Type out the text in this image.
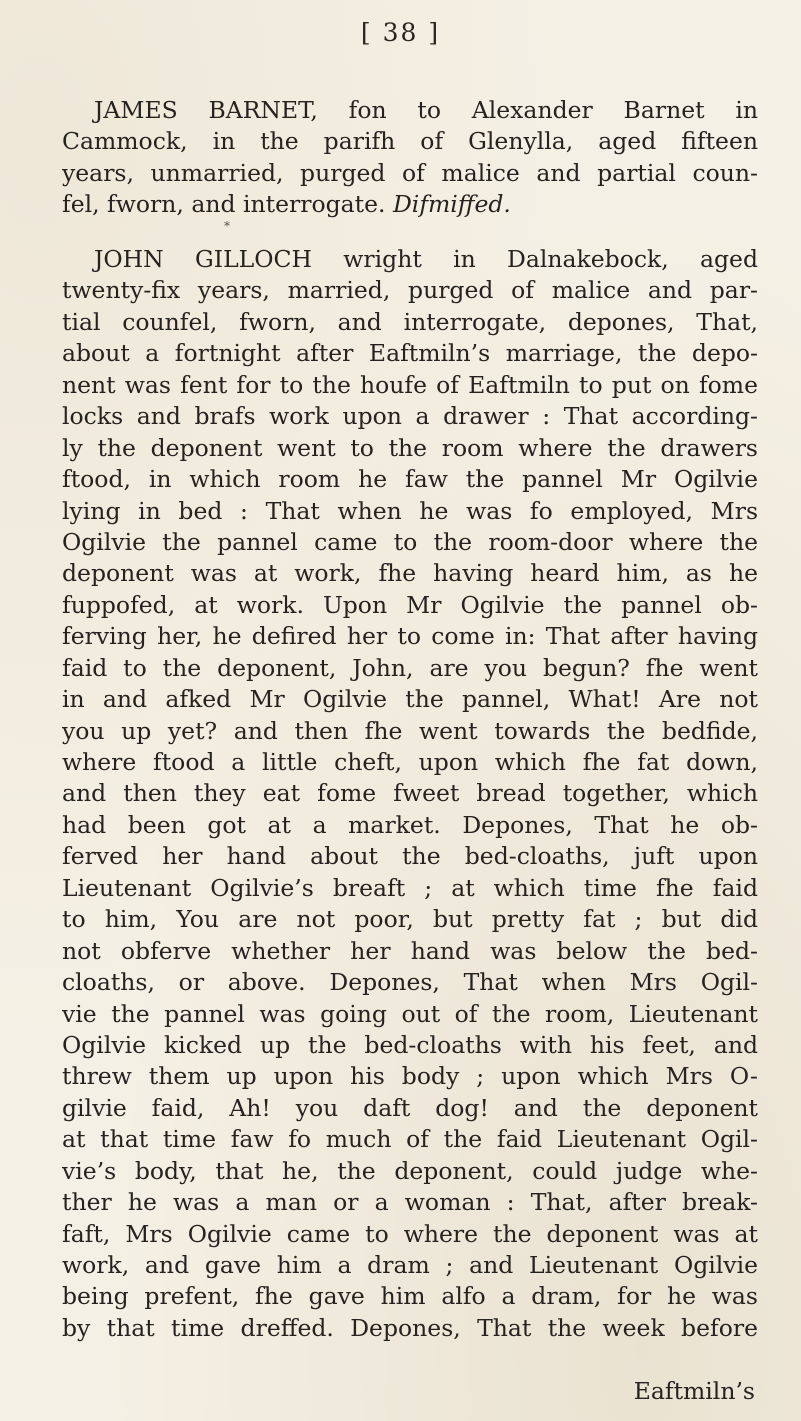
[ 38 ]
JAMES BARNET, fon to Alexander Barnet in
Cammock, in the parifh of Glenylla, aged fifteen
years, unmarried, purged of malice and partial coun-
fel, fworn, and interrogate. Difmiffed.
*
JOHN GILLOCH wright in Dalnakebock, aged
twenty-fix years, married, purged of malice and par-
tial counfel, fworn, and interrogate, depones, That,
about a fortnight after Eaftmiln’s marriage, the depo-
nent was fent for to the houfe of Eaftmiln to put on fome
locks and brafs work upon a drawer : That according-
ly the deponent went to the room where the drawers
ftood, in which room he faw the pannel Mr Ogilvie
lying in bed : That when he was fo employed, Mrs
Ogilvie the pannel came to the room-door where the
deponent was at work, fhe having heard him, as he
fuppofed, at work. Upon Mr Ogilvie the pannel ob-
ferving her, he defired her to come in: That after having
faid to the deponent, John, are you begun? fhe went
in and afked Mr Ogilvie the pannel, What! Are not
you up yet? and then fhe went towards the bedfide,
where ftood a little cheft, upon which fhe fat down,
and then they eat fome fweet bread together, which
had been got at a market. Depones, That he ob-
ferved her hand about the bed-cloaths, juft upon
Lieutenant Ogilvie’s breaft ; at which time fhe faid
to him, You are not poor, but pretty fat ; but did
not obferve whether her hand was below the bed-
cloaths, or above. Depones, That when Mrs Ogil-
vie the pannel was going out of the room, Lieutenant
Ogilvie kicked up the bed-cloaths with his feet, and
threw them up upon his body ; upon which Mrs O-
gilvie faid, Ah! you daft dog! and the deponent
at that time faw fo much of the faid Lieutenant Ogil-
vie’s body, that he, the deponent, could judge whe-
ther he was a man or a woman : That, after break-
faft, Mrs Ogilvie came to where the deponent was at
work, and gave him a dram ; and Lieutenant Ogilvie
being prefent, fhe gave him alfo a dram, for he was
by that time dreffed. Depones, That the week before
Eaftmiln’s
